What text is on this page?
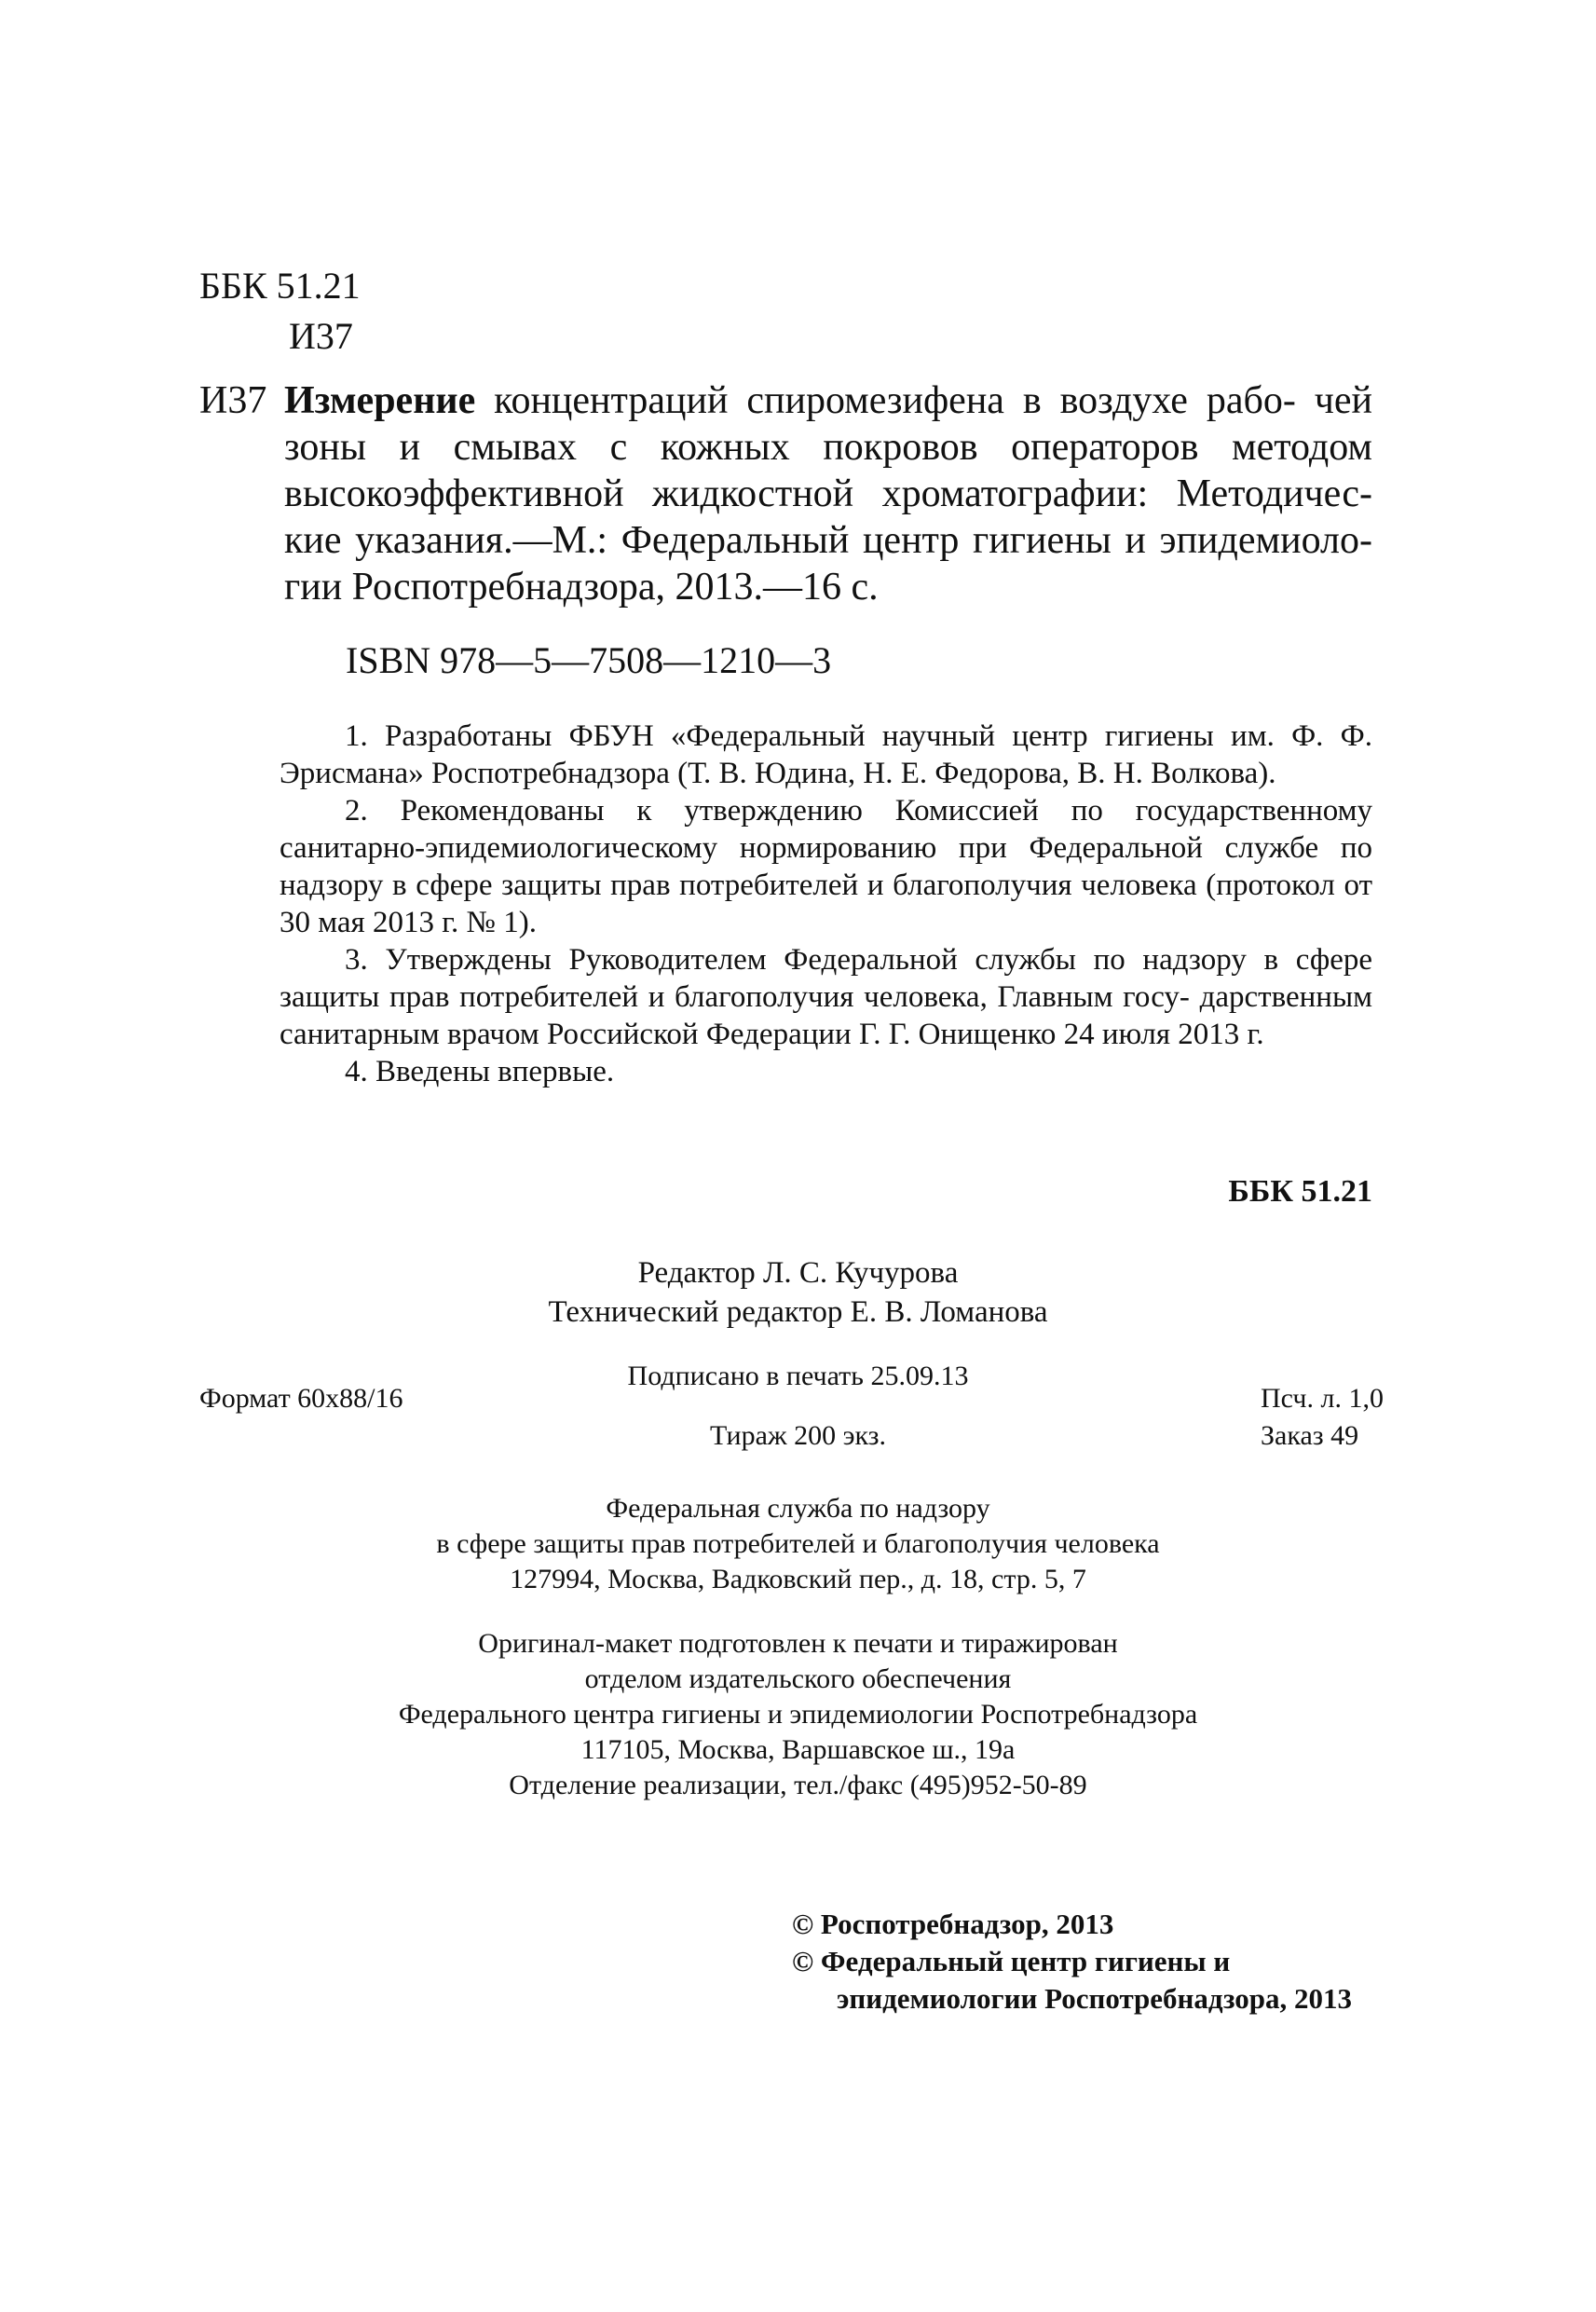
ББК 51.21
И37
И37 Измерение концентраций спиромезифена в воздухе рабо- чей зоны и смывах с кожных покровов операторов методом высокоэффективной жидкостной хроматографии: Методичес- кие указания.—М.: Федеральный центр гигиены и эпидемиоло- гии Роспотребнадзора, 2013.—16 с.
ISBN 978—5—7508—1210—3

1. Разработаны ФБУН «Федеральный научный центр гигиены им. Ф. Ф. Эрисмана» Роспотребнадзора (Т. В. Юдина, Н. Е. Федорова, В. Н. Волкова).

2. Рекомендованы к утверждению Комиссией по государственному санитарно-эпидемиологическому нормированию при Федеральной службе по надзору в сфере защиты прав потребителей и благополучия человека (протокол от 30 мая 2013 г. № 1).

3. Утверждены Руководителем Федеральной службы по надзору в сфере защиты прав потребителей и благополучия человека, Главным госу- дарственным санитарным врачом Российской Федерации Г. Г. Онищенко 24 июля 2013 г.

4. Введены впервые.

ББК 51.21
Редактор Л. С. Кучурова
Технический редактор Е. В. Ломанова
Подписано в печать 25.09.13
Формат 60x88/16	Псч. л. 1,0
Тираж 200 экз.	Заказ 49
Федеральная служба по надзору
в сфере защиты прав потребителей и благополучия человека
127994, Москва, Вадковский пер., д. 18, стр. 5, 7
Оригинал-макет подготовлен к печати и тиражирован
отделом издательского обеспечения
Федерального центра гигиены и эпидемиологии Роспотребнадзора
117105, Москва, Варшавское ш., 19а
Отделение реализации, тел./факс (495)952-50-89
© Роспотребнадзор, 2013
© Федеральный центр гигиены и
эпидемиологии Роспотребнадзора, 2013
